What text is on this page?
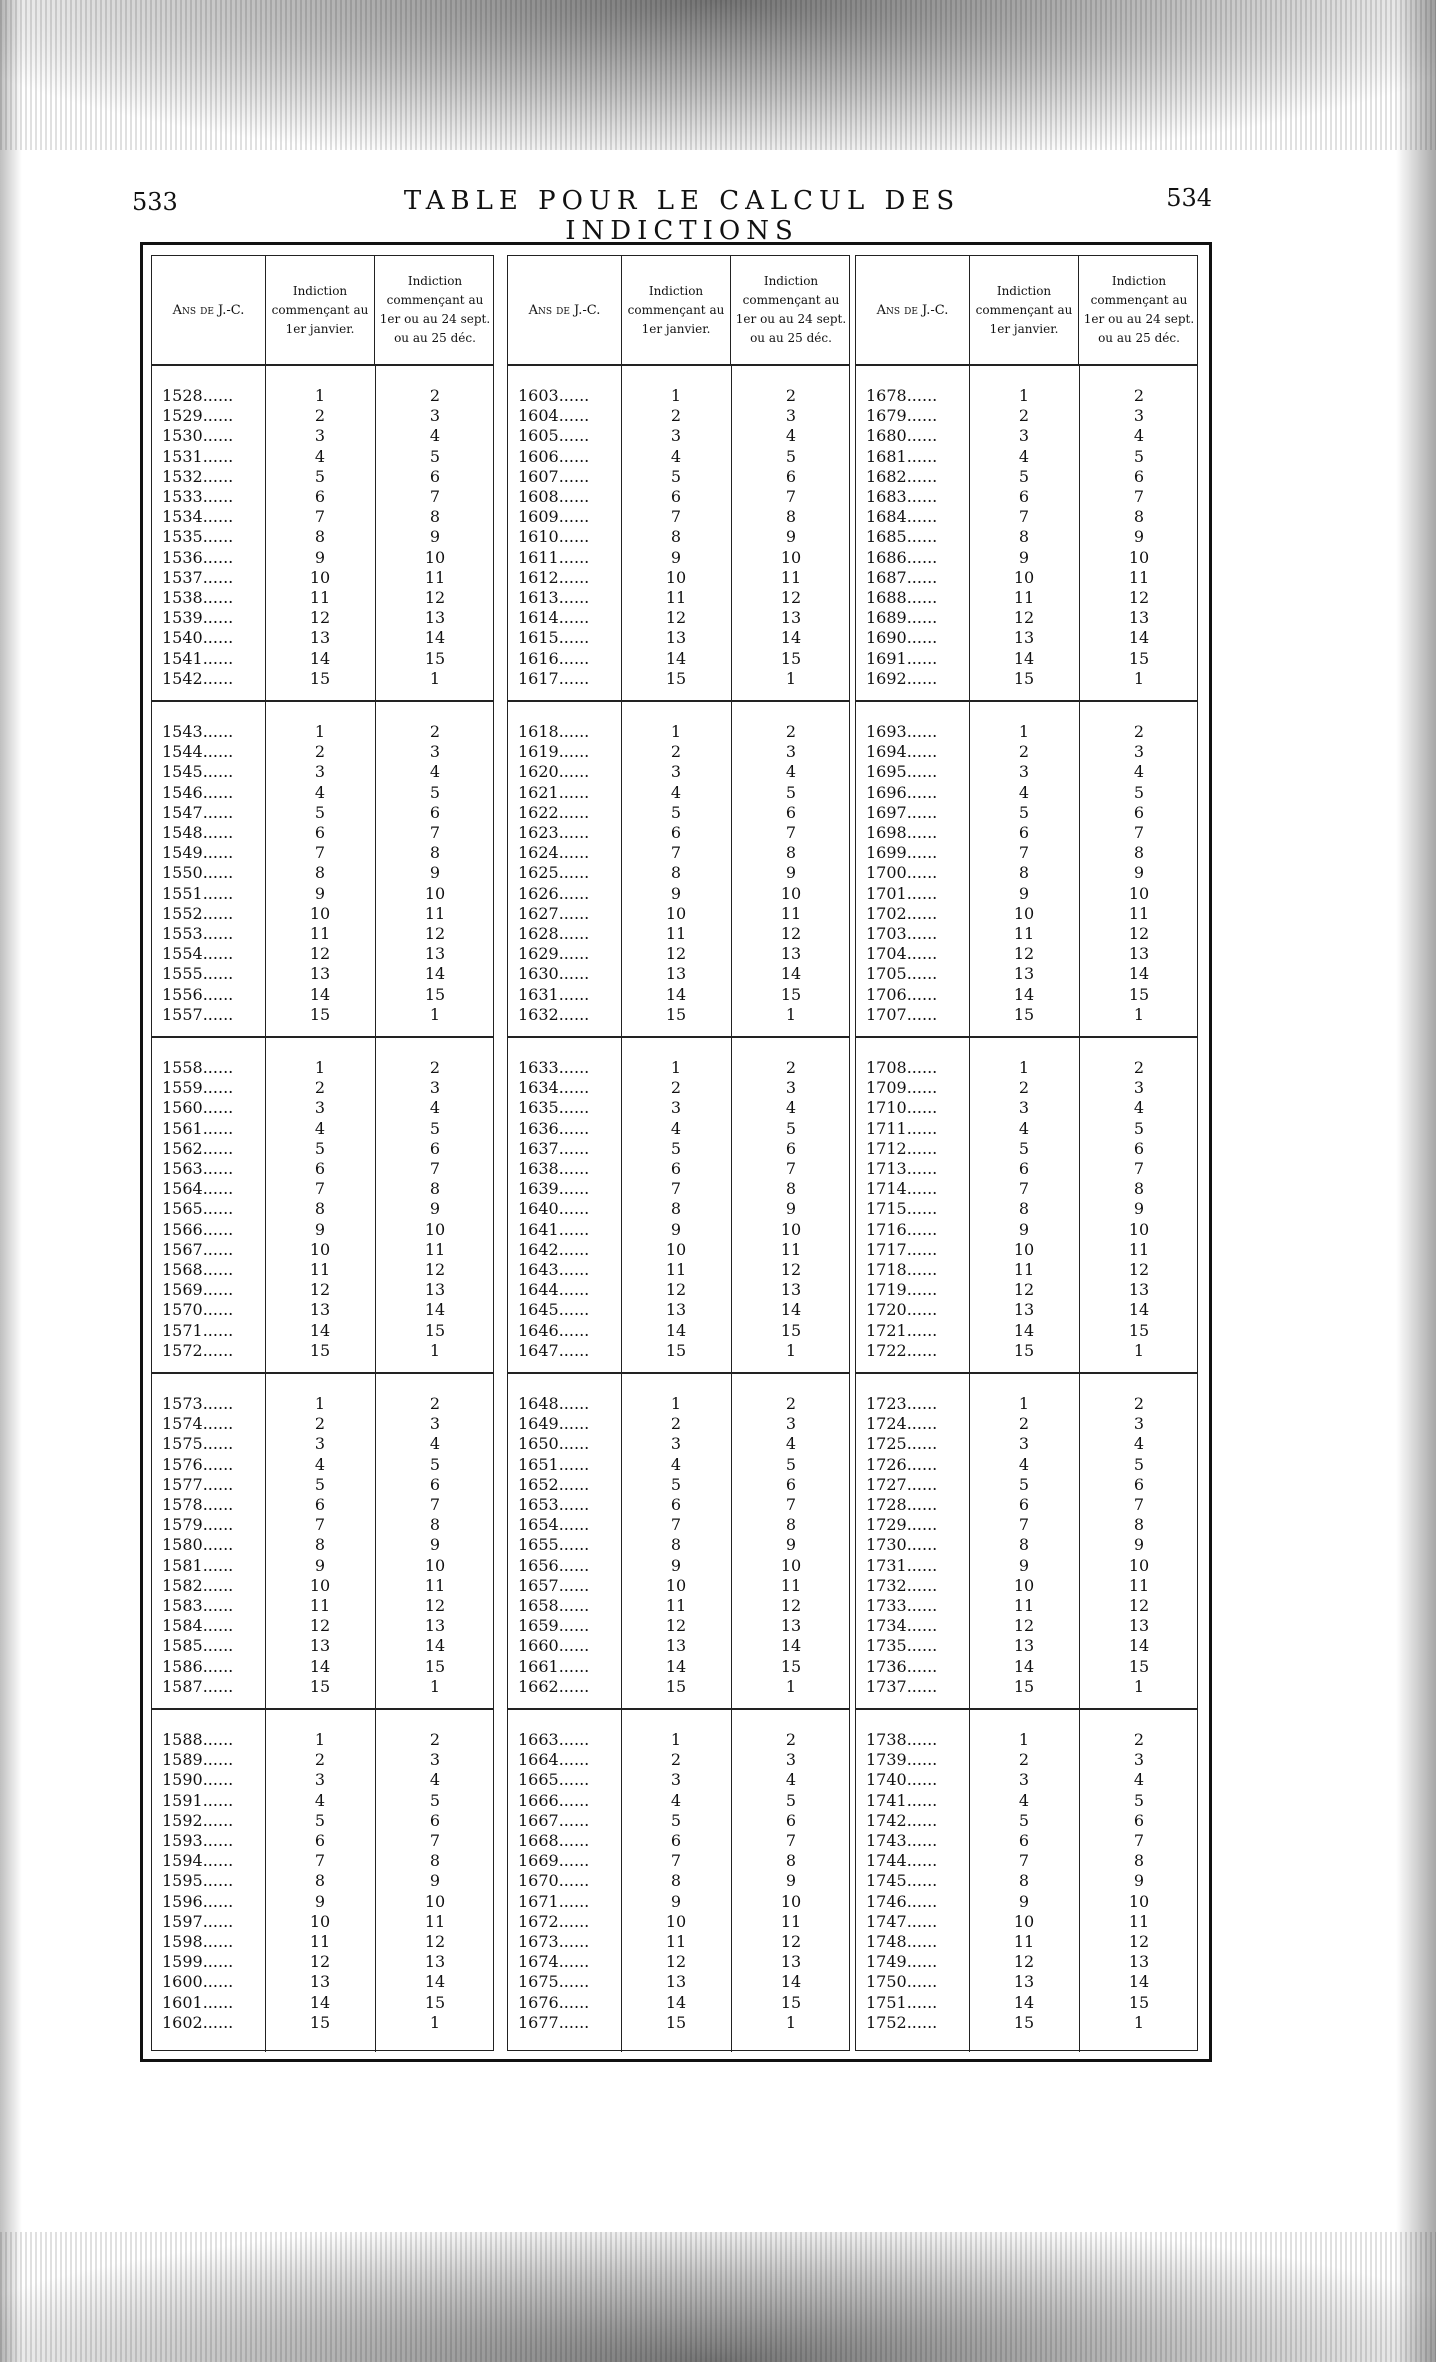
533	TABLE POUR LE CALCUL DES INDICTIONS
534
Ans de J.-C.
Indiction commençant au 1er janvier.
Indiction commençant au 1er ou au 24 sept. ou au 25 déc.
1528......	1	2
1529......	2	3
1530......	3	4
1531......	4	5
1532......	5	6
1533......	6	7
1534......	7	8
1535......	8	9
1536......	9	10
1537......	10	11
1538......	11	12
1539......	12	13
1540......	13	14
1541......	14	15
1542......	15	1
1543......	1	2
1544......	2	3
1545......	3	4
1546......	4	5
1547......	5	6
1548......	6	7
1549......	7	8
1550......	8	9
1551......	9	10
1552......	10	11
1553......	11	12
1554......	12	13
1555......	13	14
1556......	14	15
1557......	15	1
1558......	1	2
1559......	2	3
1560......	3	4
1561......	4	5
1562......	5	6
1563......	6	7
1564......	7	8
1565......	8	9
1566......	9	10
1567......	10	11
1568......	11	12
1569......	12	13
1570......	13	14
1571......	14	15
1572......	15	1
1573......	1	2
1574......	2	3
1575......	3	4
1576......	4	5
1577......	5	6
1578......	6	7
1579......	7	8
1580......	8	9
1581......	9	10
1582......	10	11
1583......	11	12
1584......	12	13
1585......	13	14
1586......	14	15
1587......	15	1
1588......	1	2
1589......	2	3
1590......	3	4
1591......	4	5
1592......	5	6
1593......	6	7
1594......	7	8
1595......	8	9
1596......	9	10
1597......	10	11
1598......	11	12
1599......	12	13
1600......	13	14
1601......	14	15
1602......	15	1
Ans de J.-C.
Indiction commençant au 1er janvier.
Indiction commençant au 1er ou au 24 sept. ou au 25 déc.
1603......	1	2
1604......	2	3
1605......	3	4
1606......	4	5
1607......	5	6
1608......	6	7
1609......	7	8
1610......	8	9
1611......	9	10
1612......	10	11
1613......	11	12
1614......	12	13
1615......	13	14
1616......	14	15
1617......	15	1
1618......	1	2
1619......	2	3
1620......	3	4
1621......	4	5
1622......	5	6
1623......	6	7
1624......	7	8
1625......	8	9
1626......	9	10
1627......	10	11
1628......	11	12
1629......	12	13
1630......	13	14
1631......	14	15
1632......	15	1
1633......	1	2
1634......	2	3
1635......	3	4
1636......	4	5
1637......	5	6
1638......	6	7
1639......	7	8
1640......	8	9
1641......	9	10
1642......	10	11
1643......	11	12
1644......	12	13
1645......	13	14
1646......	14	15
1647......	15	1
1648......	1	2
1649......	2	3
1650......	3	4
1651......	4	5
1652......	5	6
1653......	6	7
1654......	7	8
1655......	8	9
1656......	9	10
1657......	10	11
1658......	11	12
1659......	12	13
1660......	13	14
1661......	14	15
1662......	15	1
1663......	1	2
1664......	2	3
1665......	3	4
1666......	4	5
1667......	5	6
1668......	6	7
1669......	7	8
1670......	8	9
1671......	9	10
1672......	10	11
1673......	11	12
1674......	12	13
1675......	13	14
1676......	14	15
1677......	15	1
Ans de J.-C.
Indiction commençant au 1er janvier.
Indiction commençant au 1er ou au 24 sept. ou au 25 déc.
1678......	1	2
1679......	2	3
1680......	3	4
1681......	4	5
1682......	5	6
1683......	6	7
1684......	7	8
1685......	8	9
1686......	9	10
1687......	10	11
1688......	11	12
1689......	12	13
1690......	13	14
1691......	14	15
1692......	15	1
1693......	1	2
1694......	2	3
1695......	3	4
1696......	4	5
1697......	5	6
1698......	6	7
1699......	7	8
1700......	8	9
1701......	9	10
1702......	10	11
1703......	11	12
1704......	12	13
1705......	13	14
1706......	14	15
1707......	15	1
1708......	1	2
1709......	2	3
1710......	3	4
1711......	4	5
1712......	5	6
1713......	6	7
1714......	7	8
1715......	8	9
1716......	9	10
1717......	10	11
1718......	11	12
1719......	12	13
1720......	13	14
1721......	14	15
1722......	15	1
1723......	1	2
1724......	2	3
1725......	3	4
1726......	4	5
1727......	5	6
1728......	6	7
1729......	7	8
1730......	8	9
1731......	9	10
1732......	10	11
1733......	11	12
1734......	12	13
1735......	13	14
1736......	14	15
1737......	15	1
1738......	1	2
1739......	2	3
1740......	3	4
1741......	4	5
1742......	5	6
1743......	6	7
1744......	7	8
1745......	8	9
1746......	9	10
1747......	10	11
1748......	11	12
1749......	12	13
1750......	13	14
1751......	14	15
1752......	15	1
